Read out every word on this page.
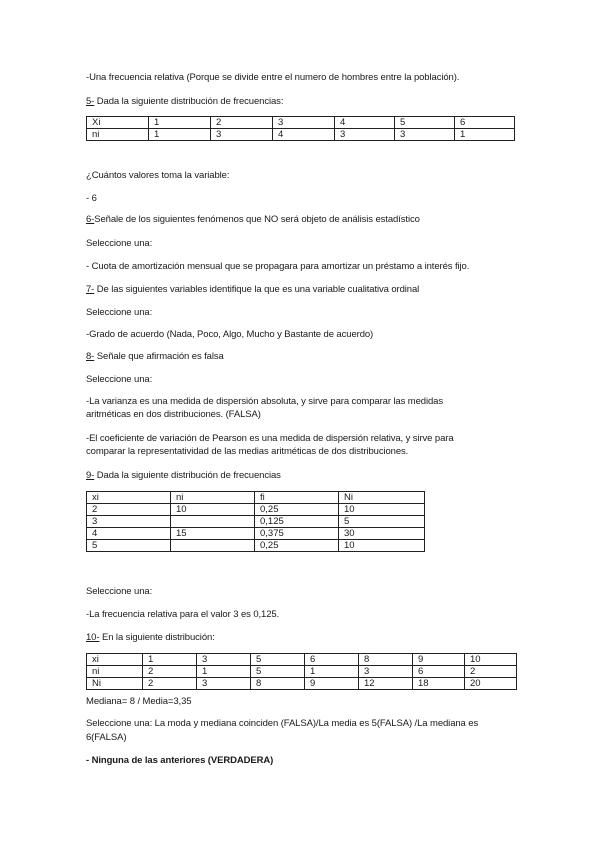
-Una frecuencia relativa (Porque se divide entre el numero de hombres entre la población).
5- Dada la siguiente distribución de frecuencias:
Xi	1	2	3	4	5	6
ni	1	3	4	3	3	1
¿Cuántos valores toma la variable:
- 6
6-Señale de los siguientes fenómenos que NO será objeto de análisis estadístico
Seleccione una:
- Cuota de amortización mensual que se propagara para amortizar un préstamo a interés fijo.
7- De las siguientes variables identifique la que es una variable cualitativa ordinal
Seleccione una:
-Grado de acuerdo (Nada, Poco, Algo, Mucho y Bastante de acuerdo)
8- Señale que afirmación es falsa
Seleccione una:
-La varianza es una medida de dispersión absoluta, y sirve para comparar las medidas
aritméticas en dos distribuciones. (FALSA)
-El coeficiente de variación de Pearson es una medida de dispersión relativa, y sirve para
comparar la representatividad de las medias aritméticas de dos distribuciones.
9- Dada la siguiente distribución de frecuencias
xi	ni	fi	Ni
2	10	0,25	10
3		0,125	5
4	15	0,375	30
5		0,25	10
Seleccione una:
-La frecuencia relativa para el valor 3 es 0,125.
10- En la siguiente distribución:
xi	1	3	5	6	8	9	10
ni	2	1	5	1	3	6	2
Ni	2	3	8	9	12	18	20
Mediana= 8 / Media=3,35
Seleccione una: La moda y mediana coinciden (FALSA)/La media es 5(FALSA) /La mediana es
6(FALSA)
- Ninguna de las anteriores (VERDADERA)
